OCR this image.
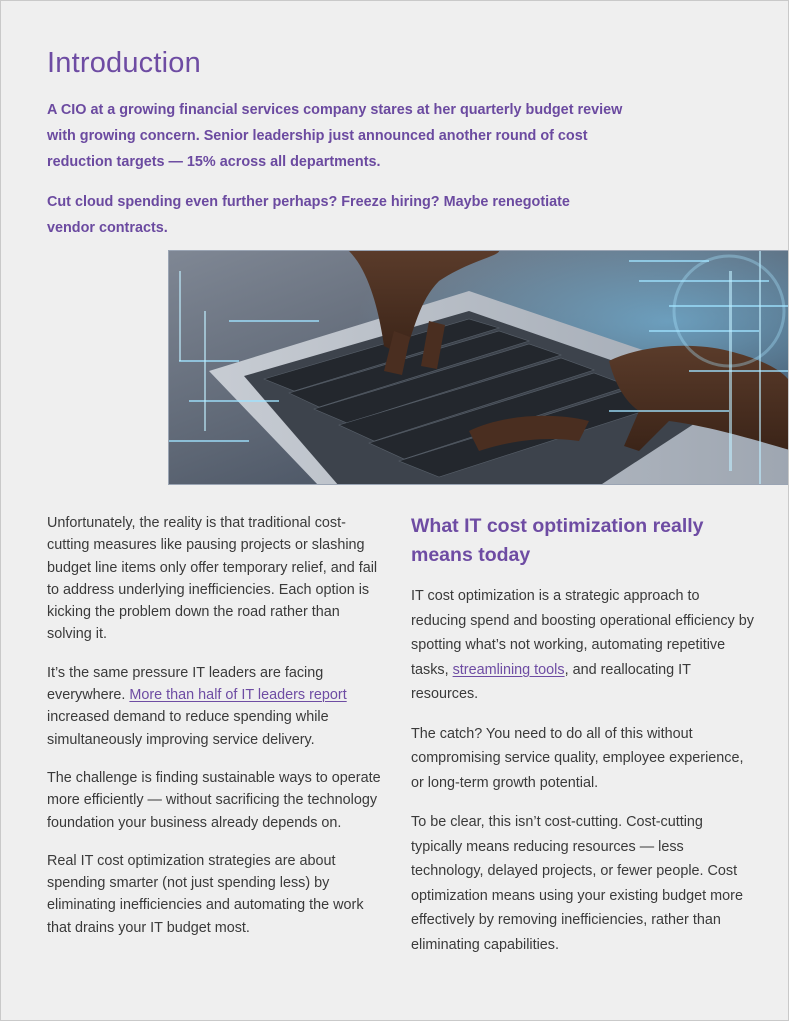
Introduction

A CIO at a growing financial services company stares at her quarterly budget review with growing concern. Senior leadership just announced another round of cost reduction targets — 15% across all departments.

Cut cloud spending even further perhaps? Freeze hiring? Maybe renegotiate vendor contracts.

Unfortunately, the reality is that traditional cost-cutting measures like pausing projects or slashing budget line items only offer temporary relief, and fail to address underlying inefficiencies. Each option is kicking the problem down the road rather than solving it.

It’s the same pressure IT leaders are facing everywhere. More than half of IT leaders report increased demand to reduce spending while simultaneously improving service delivery.

The challenge is finding sustainable ways to operate more efficiently — without sacrificing the technology foundation your business already depends on.

Real IT cost optimization strategies are about spending smarter (not just spending less) by eliminating inefficiencies and automating the work that drains your IT budget most.

What IT cost optimization really means today

IT cost optimization is a strategic approach to reducing spend and boosting operational efficiency by spotting what’s not working, automating repetitive tasks, streamlining tools, and reallocating IT resources.

The catch? You need to do all of this without compromising service quality, employee experience, or long-term growth potential.

To be clear, this isn’t cost-cutting. Cost-cutting typically means reducing resources — less technology, delayed projects, or fewer people. Cost optimization means using your existing budget more effectively by removing inefficiencies, rather than eliminating capabilities.
